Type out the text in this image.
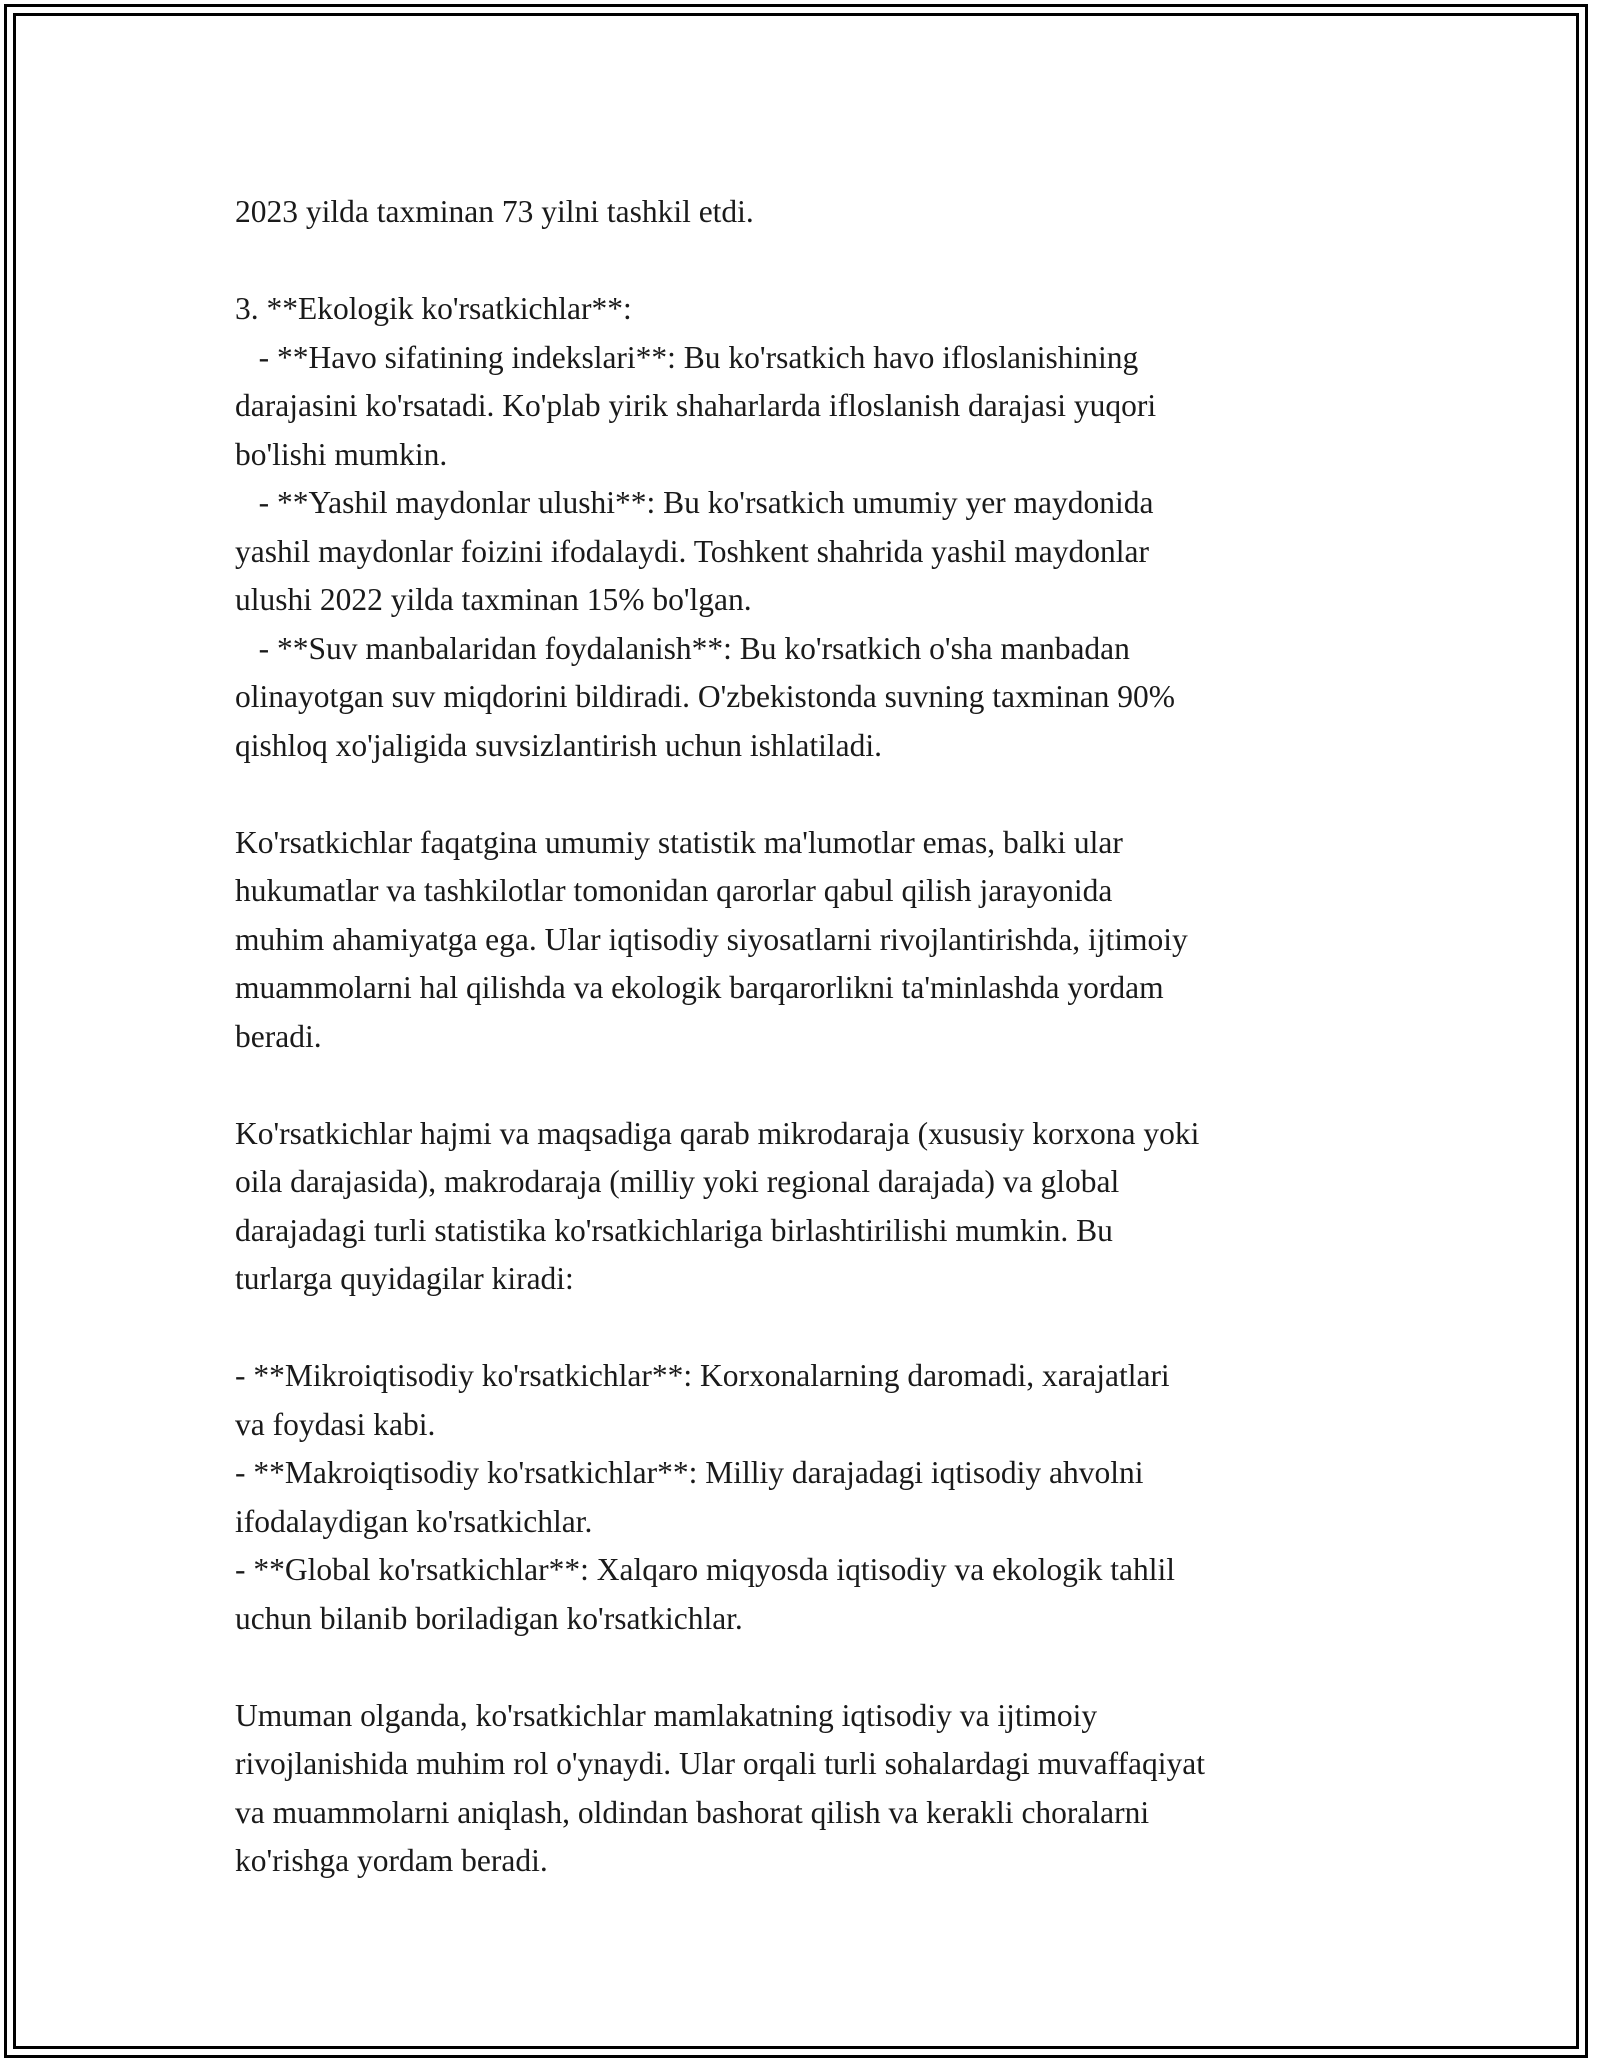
2023 yilda taxminan 73 yilni tashkil etdi.
3. **Ekologik ko'rsatkichlar**:
- **Havo sifatining indekslari**: Bu ko'rsatkich havo ifloslanishining
darajasini ko'rsatadi. Ko'plab yirik shaharlarda ifloslanish darajasi yuqori
bo'lishi mumkin.
- **Yashil maydonlar ulushi**: Bu ko'rsatkich umumiy yer maydonida
yashil maydonlar foizini ifodalaydi. Toshkent shahrida yashil maydonlar
ulushi 2022 yilda taxminan 15% bo'lgan.
- **Suv manbalaridan foydalanish**: Bu ko'rsatkich o'sha manbadan
olinayotgan suv miqdorini bildiradi. O'zbekistonda suvning taxminan 90%
qishloq xo'jaligida suvsizlantirish uchun ishlatiladi.
Ko'rsatkichlar faqatgina umumiy statistik ma'lumotlar emas, balki ular
hukumatlar va tashkilotlar tomonidan qarorlar qabul qilish jarayonida
muhim ahamiyatga ega. Ular iqtisodiy siyosatlarni rivojlantirishda, ijtimoiy
muammolarni hal qilishda va ekologik barqarorlikni ta'minlashda yordam
beradi.
Ko'rsatkichlar hajmi va maqsadiga qarab mikrodaraja (xususiy korxona yoki
oila darajasida), makrodaraja (milliy yoki regional darajada) va global
darajadagi turli statistika ko'rsatkichlariga birlashtirilishi mumkin. Bu
turlarga quyidagilar kiradi:
- **Mikroiqtisodiy ko'rsatkichlar**: Korxonalarning daromadi, xarajatlari
va foydasi kabi.
- **Makroiqtisodiy ko'rsatkichlar**: Milliy darajadagi iqtisodiy ahvolni
ifodalaydigan ko'rsatkichlar.
- **Global ko'rsatkichlar**: Xalqaro miqyosda iqtisodiy va ekologik tahlil
uchun bilanib boriladigan ko'rsatkichlar.
Umuman olganda, ko'rsatkichlar mamlakatning iqtisodiy va ijtimoiy
rivojlanishida muhim rol o'ynaydi. Ular orqali turli sohalardagi muvaffaqiyat
va muammolarni aniqlash, oldindan bashorat qilish va kerakli choralarni
ko'rishga yordam beradi.
